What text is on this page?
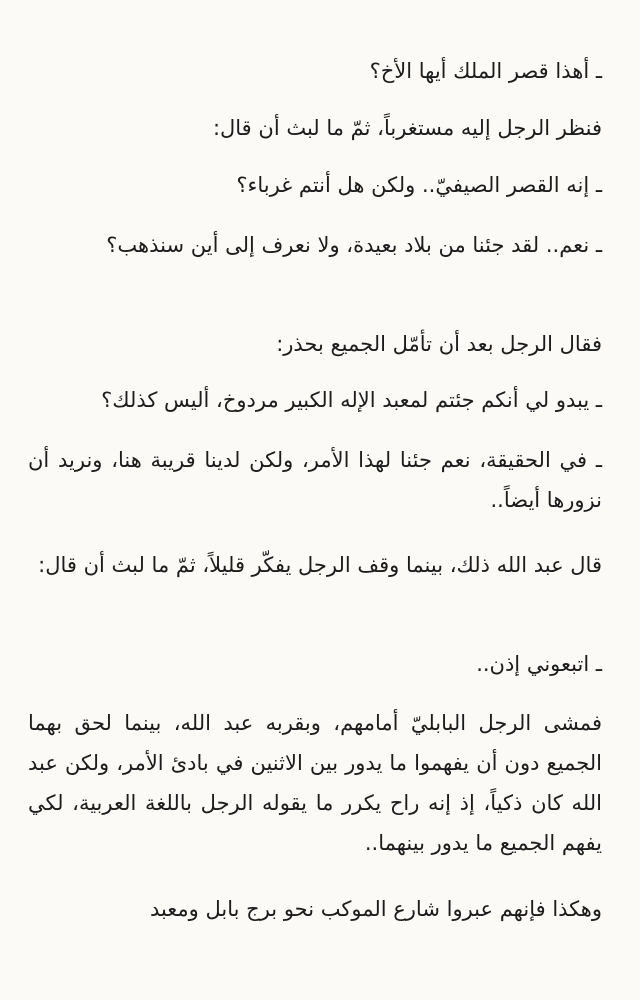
ـ أهذا قصر الملك أيها الأخ؟

فنظر الرجل إليه مستغرباً، ثمّ ما لبث أن قال:

ـ إنه القصر الصيفيّ.. ولكن هل أنتم غرباء؟

ـ نعم.. لقد جئنا من بلاد بعيدة، ولا نعرف إلى أين سنذهب؟

فقال الرجل بعد أن تأمّل الجميع بحذر:

ـ يبدو لي أنكم جئتم لمعبد الإله الكبير مردوخ، أليس كذلك؟

ـ في الحقيقة، نعم جئنا لهذا الأمر، ولكن لدينا قريبة هنا، ونريد أن نزورها أيضاً..

قال عبد الله ذلك، بينما وقف الرجل يفكّر قليلاً، ثمّ ما لبث أن قال:

ـ اتبعوني إذن..

فمشى الرجل البابليّ أمامهم، وبقربه عبد الله، بينما لحق بهما الجميع دون أن يفهموا ما يدور بين الاثنين في بادئ الأمر، ولكن عبد الله كان ذكياً، إذ إنه راح يكرر ما يقوله الرجل باللغة العربية، لكي يفهم الجميع ما يدور بينهما..

وهكذا فإنهم عبروا شارع الموكب نحو برج بابل ومعبد
